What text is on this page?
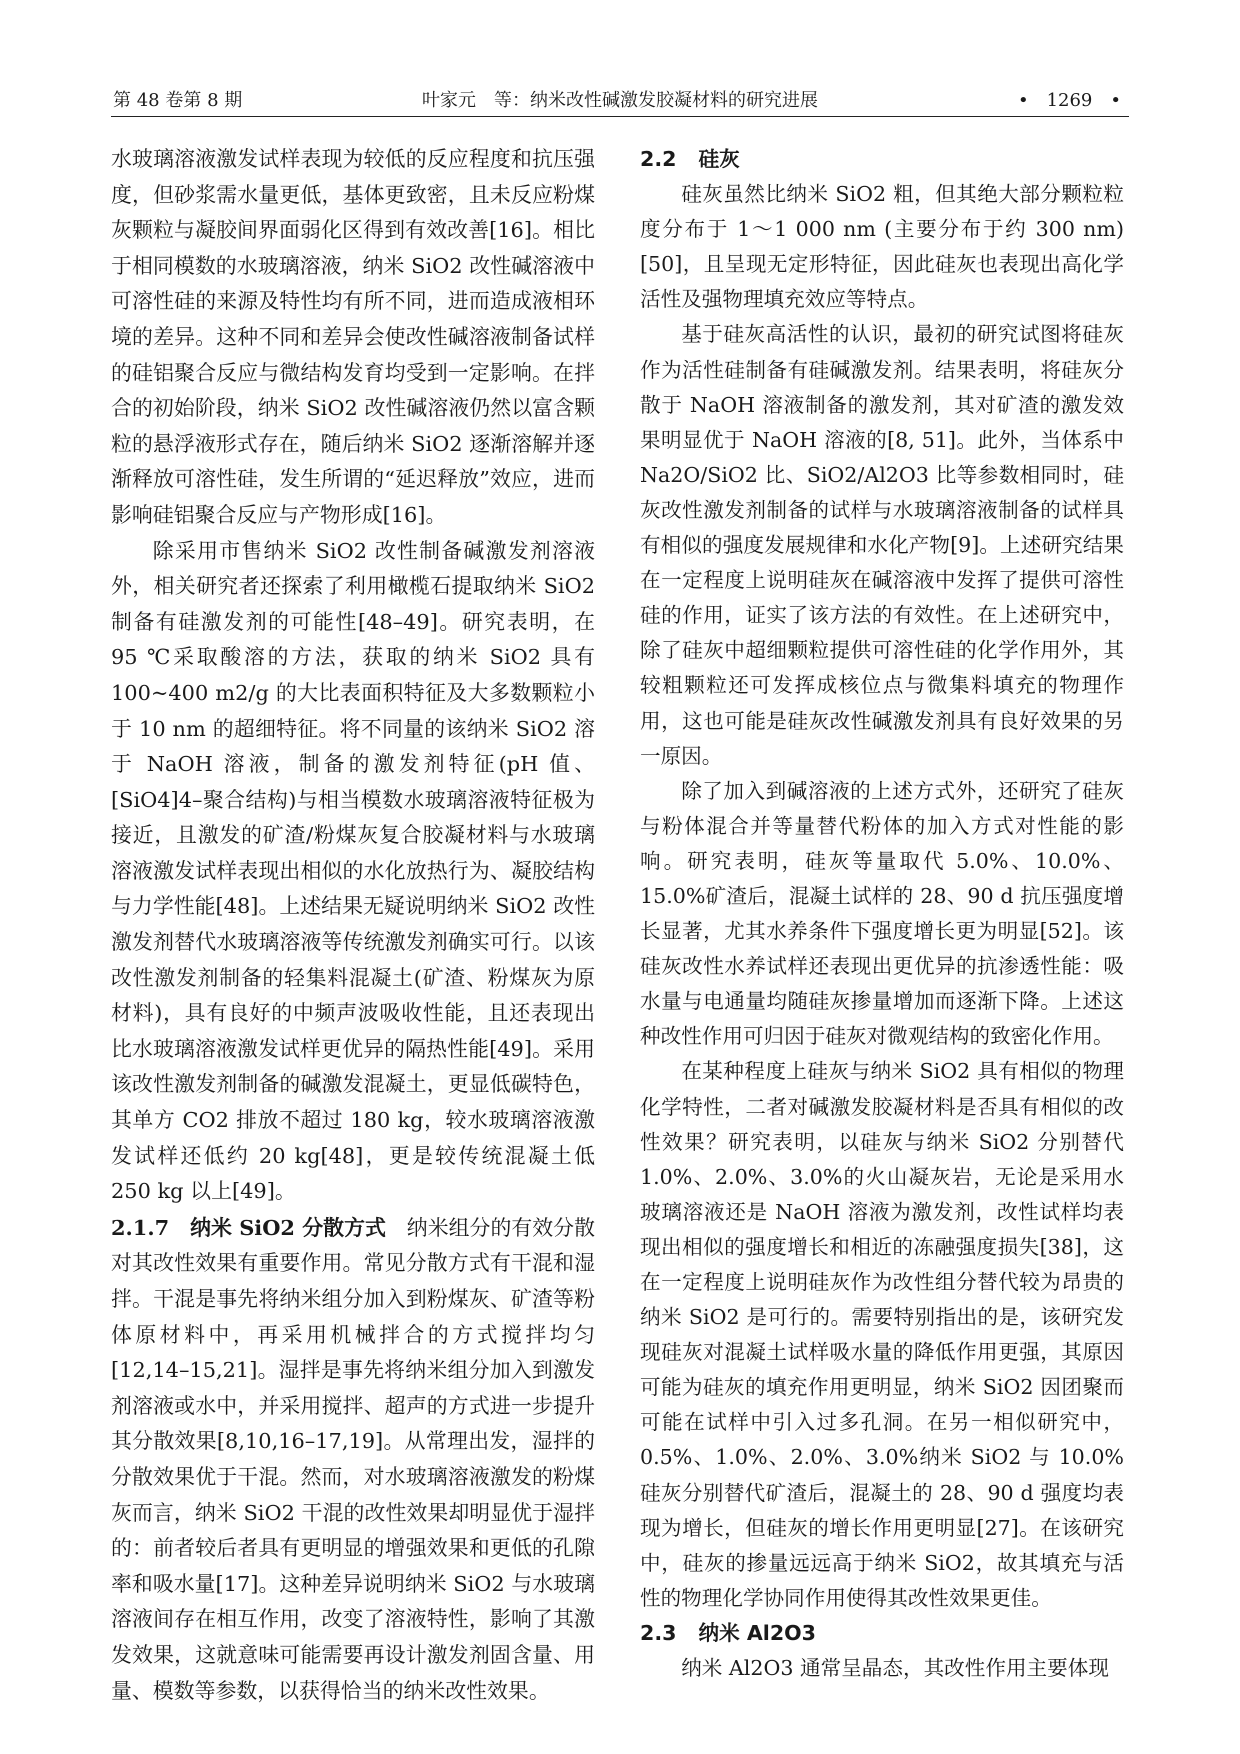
第 48 卷第 8 期	叶家元　等：纳米改性碱激发胶凝材料的研究进展	•　1269　•

水玻璃溶液激发试样表现为较低的反应程度和抗压强度，但砂浆需水量更低，基体更致密，且未反应粉煤灰颗粒与凝胶间界面弱化区得到有效改善[16]。相比于相同模数的水玻璃溶液，纳米 SiO2 改性碱溶液中可溶性硅的来源及特性均有所不同，进而造成液相环境的差异。这种不同和差异会使改性碱溶液制备试样的硅铝聚合反应与微结构发育均受到一定影响。在拌合的初始阶段，纳米 SiO2 改性碱溶液仍然以富含颗粒的悬浮液形式存在，随后纳米 SiO2 逐渐溶解并逐渐释放可溶性硅，发生所谓的“延迟释放”效应，进而影响硅铝聚合反应与产物形成[16]。

除采用市售纳米 SiO2 改性制备碱激发剂溶液外，相关研究者还探索了利用橄榄石提取纳米 SiO2 制备有硅激发剂的可能性[48–49]。研究表明，在 95 ℃采取酸溶的方法，获取的纳米 SiO2 具有 100~400 m2/g 的大比表面积特征及大多数颗粒小于 10 nm 的超细特征。将不同量的该纳米 SiO2 溶于 NaOH 溶液，制备的激发剂特征(pH 值、[SiO4]4–聚合结构)与相当模数水玻璃溶液特征极为接近，且激发的矿渣/粉煤灰复合胶凝材料与水玻璃溶液激发试样表现出相似的水化放热行为、凝胶结构与力学性能[48]。上述结果无疑说明纳米 SiO2 改性激发剂替代水玻璃溶液等传统激发剂确实可行。以该改性激发剂制备的轻集料混凝土(矿渣、粉煤灰为原材料)，具有良好的中频声波吸收性能，且还表现出比水玻璃溶液激发试样更优异的隔热性能[49]。采用该改性激发剂制备的碱激发混凝土，更显低碳特色，其单方 CO2 排放不超过 180 kg，较水玻璃溶液激发试样还低约 20 kg[48]，更是较传统混凝土低 250 kg 以上[49]。

2.1.7　纳米 SiO2 分散方式　纳米组分的有效分散对其改性效果有重要作用。常见分散方式有干混和湿拌。干混是事先将纳米组分加入到粉煤灰、矿渣等粉体原材料中，再采用机械拌合的方式搅拌均匀[12,14–15,21]。湿拌是事先将纳米组分加入到激发剂溶液或水中，并采用搅拌、超声的方式进一步提升其分散效果[8,10,16–17,19]。从常理出发，湿拌的分散效果优于干混。然而，对水玻璃溶液激发的粉煤灰而言，纳米 SiO2 干混的改性效果却明显优于湿拌的：前者较后者具有更明显的增强效果和更低的孔隙率和吸水量[17]。这种差异说明纳米 SiO2 与水玻璃溶液间存在相互作用，改变了溶液特性，影响了其激发效果，这就意味可能需要再设计激发剂固含量、用量、模数等参数，以获得恰当的纳米改性效果。

2.2 硅灰

硅灰虽然比纳米 SiO2 粗，但其绝大部分颗粒粒度分布于 1～1 000 nm (主要分布于约 300 nm)[50]，且呈现无定形特征，因此硅灰也表现出高化学活性及强物理填充效应等特点。

基于硅灰高活性的认识，最初的研究试图将硅灰作为活性硅制备有硅碱激发剂。结果表明，将硅灰分散于 NaOH 溶液制备的激发剂，其对矿渣的激发效果明显优于 NaOH 溶液的[8, 51]。此外，当体系中 Na2O/SiO2 比、SiO2/Al2O3 比等参数相同时，硅灰改性激发剂制备的试样与水玻璃溶液制备的试样具有相似的强度发展规律和水化产物[9]。上述研究结果在一定程度上说明硅灰在碱溶液中发挥了提供可溶性硅的作用，证实了该方法的有效性。在上述研究中，除了硅灰中超细颗粒提供可溶性硅的化学作用外，其较粗颗粒还可发挥成核位点与微集料填充的物理作用，这也可能是硅灰改性碱激发剂具有良好效果的另一原因。

除了加入到碱溶液的上述方式外，还研究了硅灰与粉体混合并等量替代粉体的加入方式对性能的影响。研究表明，硅灰等量取代 5.0%、10.0%、15.0%矿渣后，混凝土试样的 28、90 d 抗压强度增长显著，尤其水养条件下强度增长更为明显[52]。该硅灰改性水养试样还表现出更优异的抗渗透性能：吸水量与电通量均随硅灰掺量增加而逐渐下降。上述这种改性作用可归因于硅灰对微观结构的致密化作用。

在某种程度上硅灰与纳米 SiO2 具有相似的物理化学特性，二者对碱激发胶凝材料是否具有相似的改性效果？研究表明，以硅灰与纳米 SiO2 分别替代 1.0%、2.0%、3.0%的火山凝灰岩，无论是采用水玻璃溶液还是 NaOH 溶液为激发剂，改性试样均表现出相似的强度增长和相近的冻融强度损失[38]，这在一定程度上说明硅灰作为改性组分替代较为昂贵的纳米 SiO2 是可行的。需要特别指出的是，该研究发现硅灰对混凝土试样吸水量的降低作用更强，其原因可能为硅灰的填充作用更明显，纳米 SiO2 因团聚而可能在试样中引入过多孔洞。在另一相似研究中，0.5%、1.0%、2.0%、3.0%纳米 SiO2 与 10.0%硅灰分别替代矿渣后，混凝土的 28、90 d 强度均表现为增长，但硅灰的增长作用更明显[27]。在该研究中，硅灰的掺量远远高于纳米 SiO2，故其填充与活性的物理化学协同作用使得其改性效果更佳。

2.3 纳米 Al2O3

纳米 Al2O3 通常呈晶态，其改性作用主要体现
